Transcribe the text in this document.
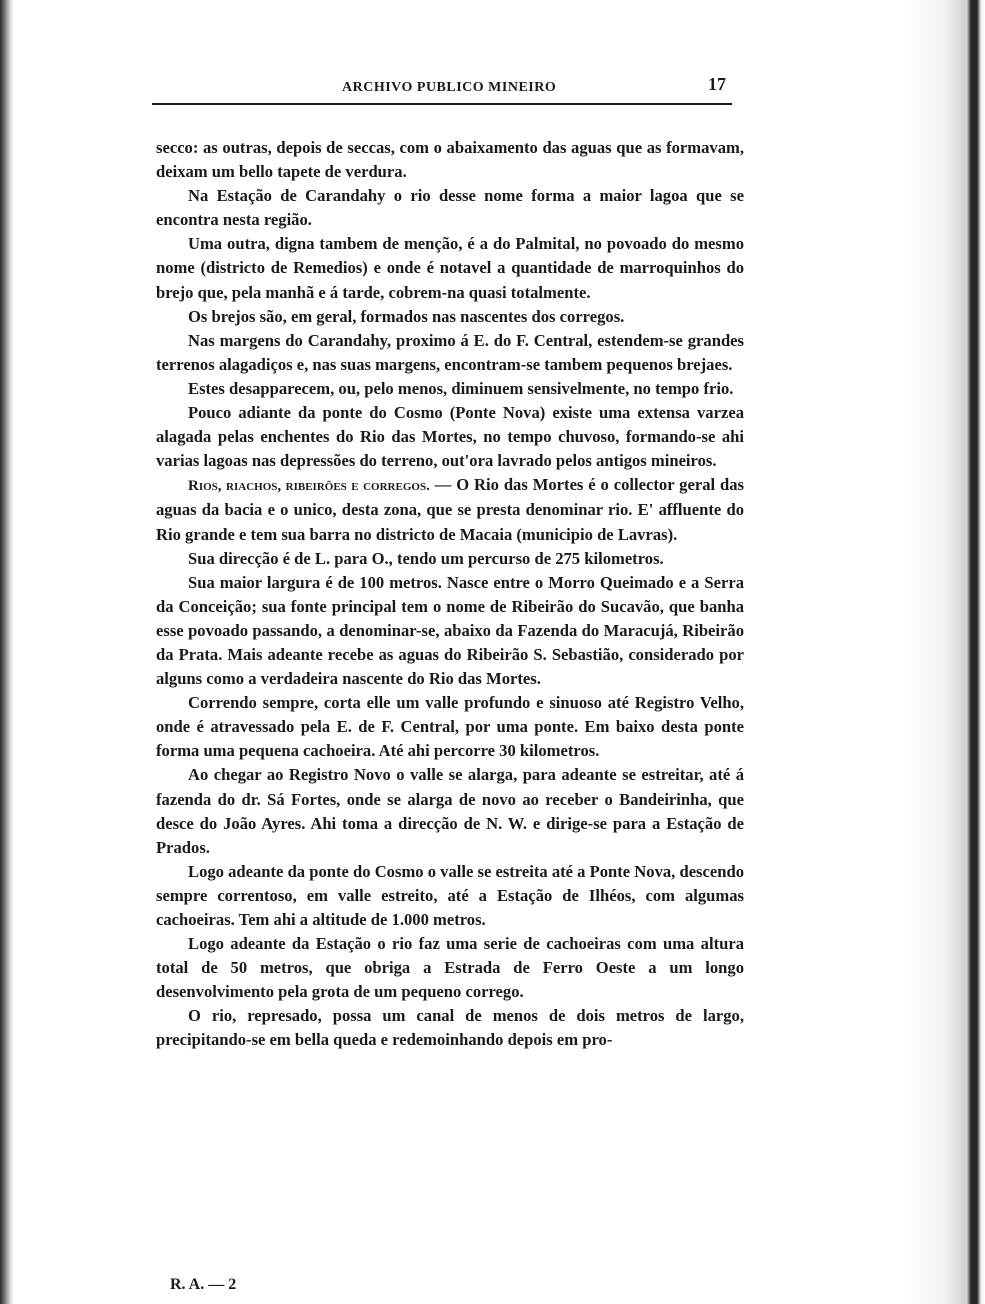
ARCHIVO PUBLICO MINEIRO	17

secco: as outras, depois de seccas, com o abaixamento das aguas que as formavam, deixam um bello tapete de verdura.

Na Estação de Carandahy o rio desse nome forma a maior lagoa que se encontra nesta região.

Uma outra, digna tambem de menção, é a do Palmital, no povoado do mesmo nome (districto de Remedios) e onde é notavel a quantidade de marroquinhos do brejo que, pela manhã e á tarde, cobrem-na quasi totalmente.

Os brejos são, em geral, formados nas nascentes dos corregos.

Nas margens do Carandahy, proximo á E. do F. Central, estendem-se grandes terrenos alagadiços e, nas suas margens, encontram-se tambem pequenos brejaes.

Estes desapparecem, ou, pelo menos, diminuem sensivelmente, no tempo frio.

Pouco adiante da ponte do Cosmo (Ponte Nova) existe uma extensa varzea alagada pelas enchentes do Rio das Mortes, no tempo chuvoso, formando-se ahi varias lagoas nas depressões do terreno, out'ora lavrado pelos antigos mineiros.

Rios, riachos, ribeirões e corregos. — O Rio das Mortes é o collector geral das aguas da bacia e o unico, desta zona, que se presta denominar rio. E' affluente do Rio grande e tem sua barra no districto de Macaia (municipio de Lavras).

Sua direcção é de L. para O., tendo um percurso de 275 kilometros.

Sua maior largura é de 100 metros. Nasce entre o Morro Queimado e a Serra da Conceição; sua fonte principal tem o nome de Ribeirão do Sucavão, que banha esse povoado passando, a denominar-se, abaixo da Fazenda do Maracujá, Ribeirão da Prata. Mais adeante recebe as aguas do Ribeirão S. Sebastião, considerado por alguns como a verdadeira nascente do Rio das Mortes.

Correndo sempre, corta elle um valle profundo e sinuoso até Registro Velho, onde é atravessado pela E. de F. Central, por uma ponte. Em baixo desta ponte forma uma pequena cachoeira. Até ahi percorre 30 kilometros.

Ao chegar ao Registro Novo o valle se alarga, para adeante se estreitar, até á fazenda do dr. Sá Fortes, onde se alarga de novo ao receber o Bandeirinha, que desce do João Ayres. Ahi toma a direcção de N. W. e dirige-se para a Estação de Prados.

Logo adeante da ponte do Cosmo o valle se estreita até a Ponte Nova, descendo sempre correntoso, em valle estreito, até a Estação de Ilhéos, com algumas cachoeiras. Tem ahi a altitude de 1.000 metros.

Logo adeante da Estação o rio faz uma serie de cachoeiras com uma altura total de 50 metros, que obriga a Estrada de Ferro Oeste a um longo desenvolvimento pela grota de um pequeno corrego.

O rio, represado, possa um canal de menos de dois metros de largo, precipitando-se em bella queda e redemoinhando depois em pro-

R. A. — 2
